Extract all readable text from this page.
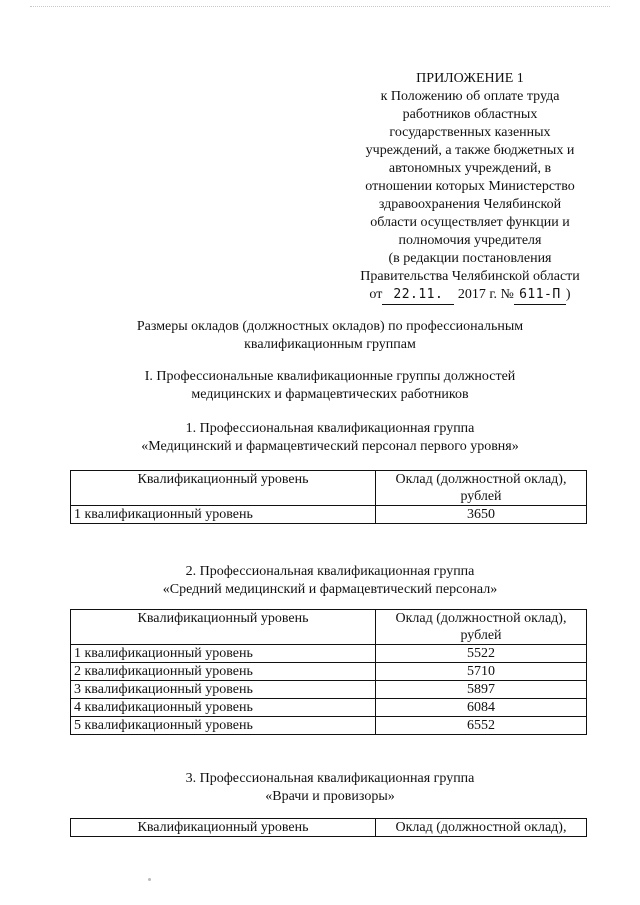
ПРИЛОЖЕНИЕ 1
к Положению об оплате труда
работников областных
государственных казенных
учреждений, а также бюджетных и
автономных учреждений, в
отношении которых Министерство
здравоохранения Челябинской
области осуществляет функции и
полномочия учредителя
(в редакции постановления
Правительства Челябинской области
от 22.11. 2017 г. № 611-П )
Размеры окладов (должностных окладов) по профессиональным
квалификационным группам
I. Профессиональные квалификационные группы должностей
медицинских и фармацевтических работников
1. Профессиональная квалификационная группа
«Медицинский и фармацевтический персонал первого уровня»
Квалификационный уровень	Оклад (должностной оклад),
рублей

1 квалификационный уровень	3650
2. Профессиональная квалификационная группа
«Средний медицинский и фармацевтический персонал»
Квалификационный уровень	Оклад (должностной оклад),
рублей

1 квалификационный уровень	5522
2 квалификационный уровень	5710
3 квалификационный уровень	5897
4 квалификационный уровень	6084
5 квалификационный уровень	6552
3. Профессиональная квалификационная группа
«Врачи и провизоры»
Квалификационный уровень	Оклад (должностной оклад),
